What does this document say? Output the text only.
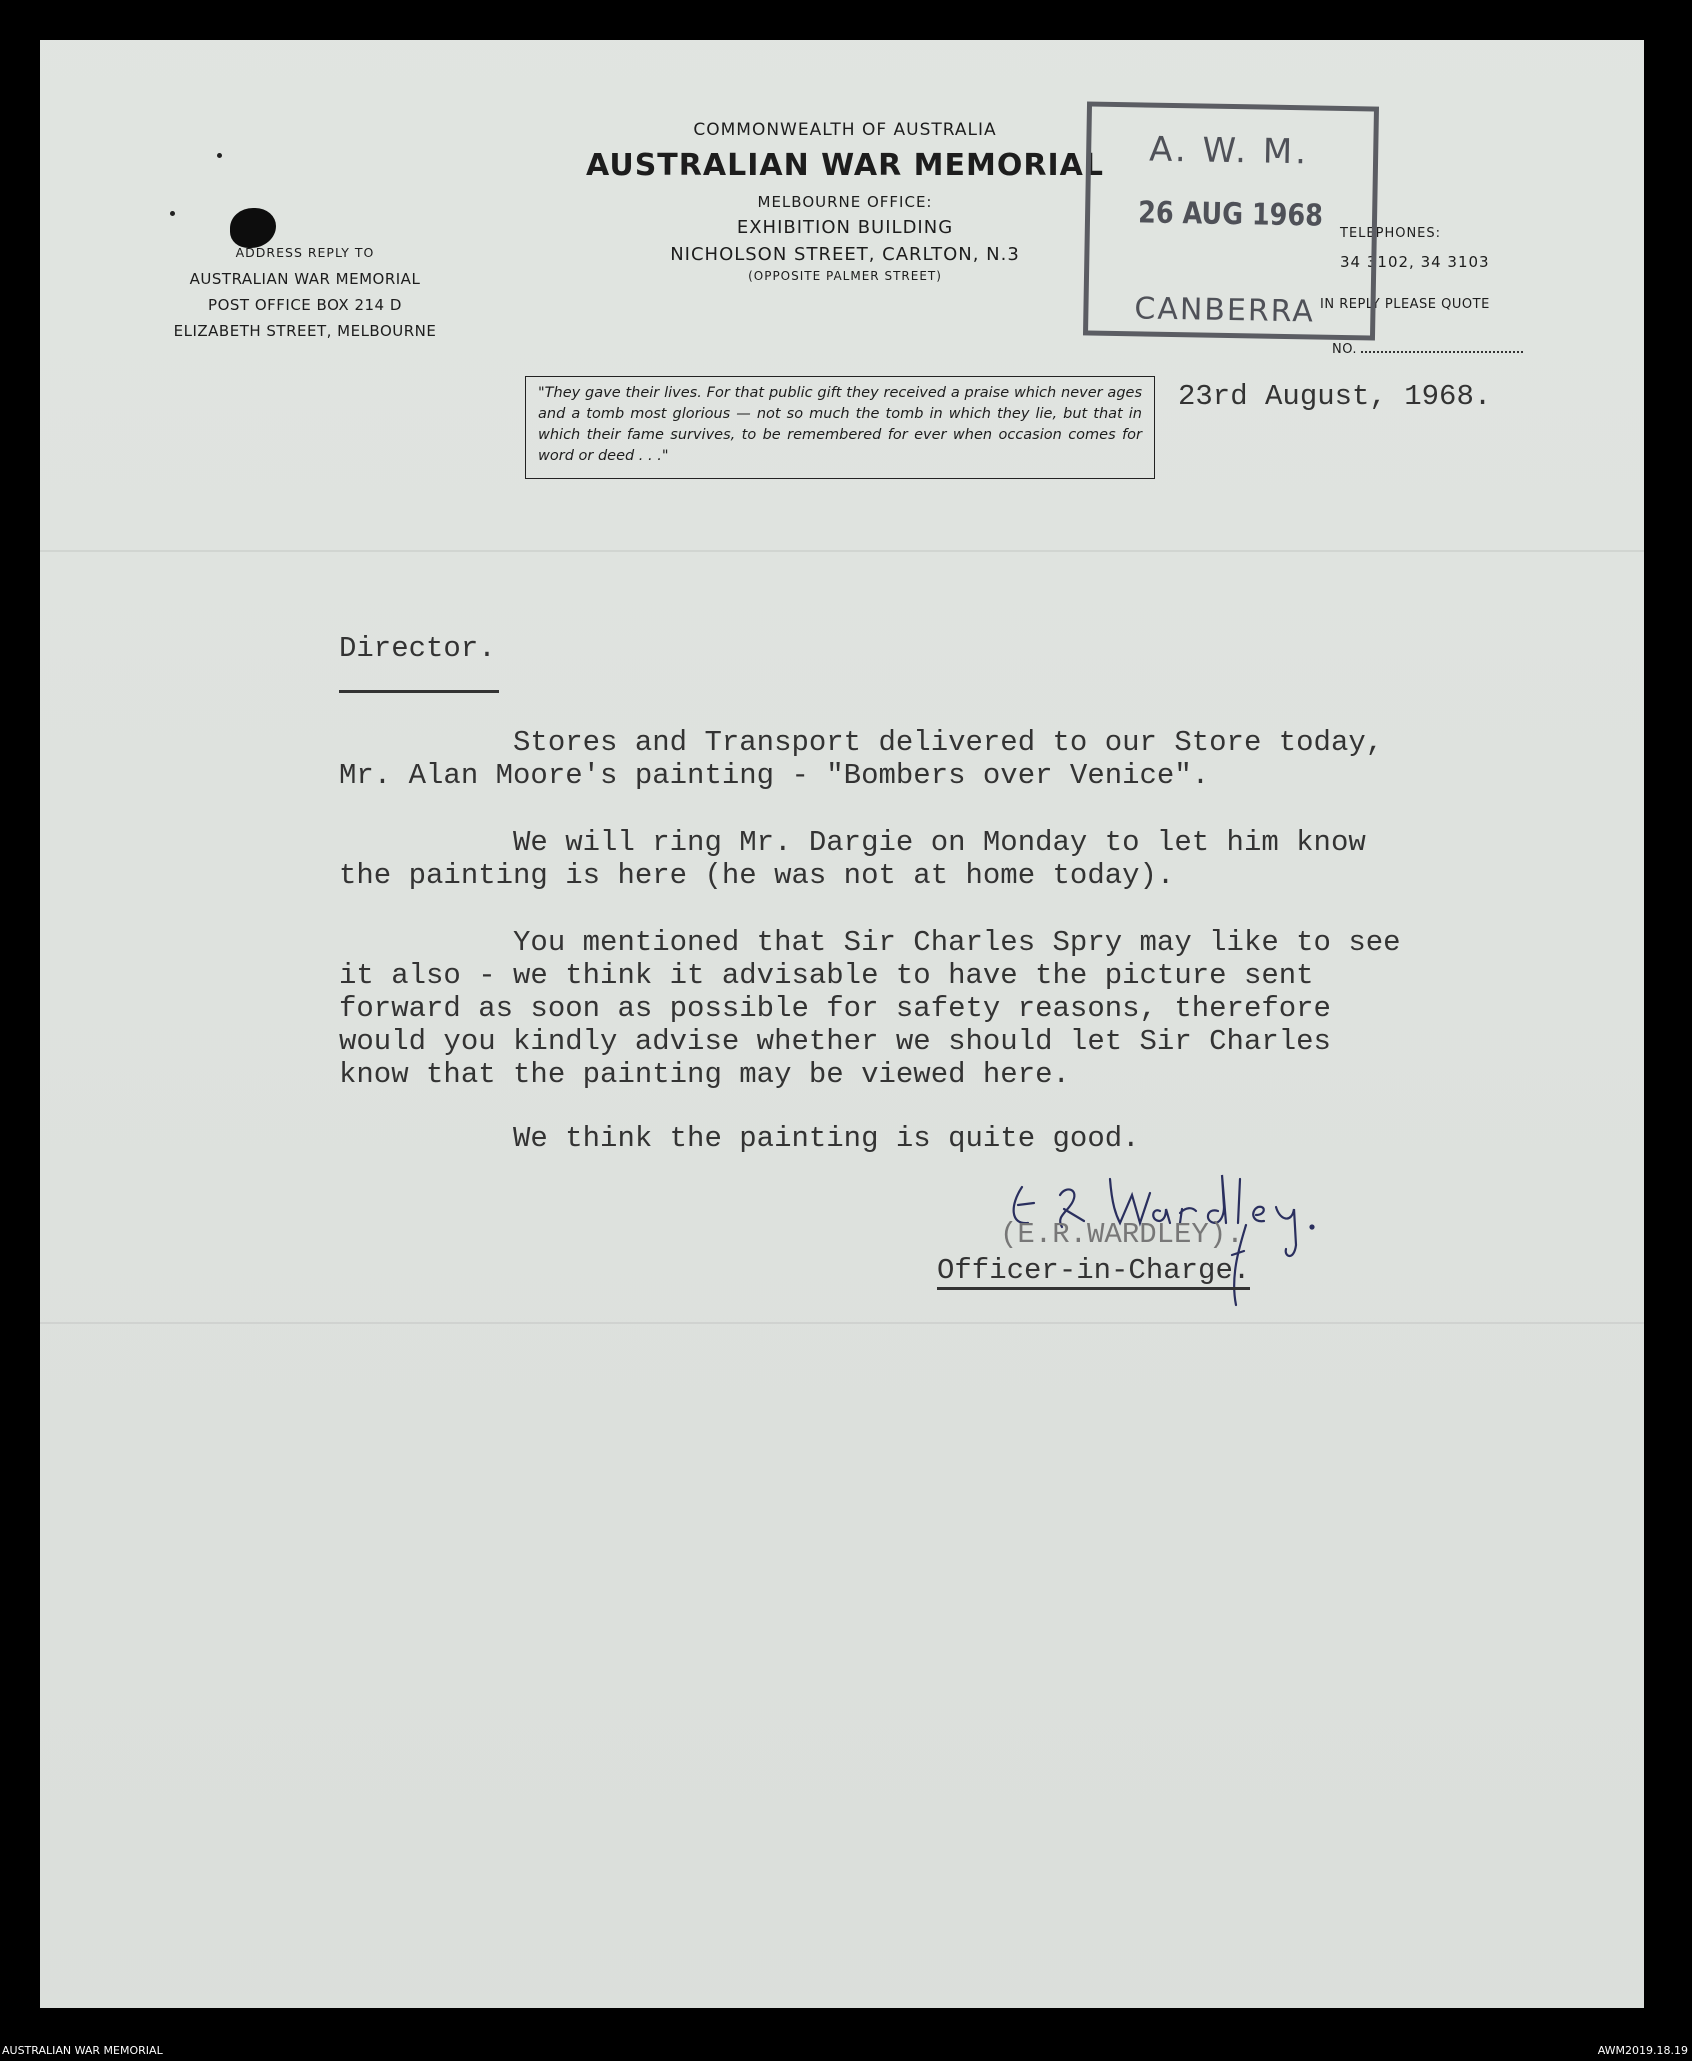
ADDRESS REPLY TO
AUSTRALIAN WAR MEMORIAL
POST OFFICE BOX 214 D
ELIZABETH STREET, MELBOURNE
COMMONWEALTH OF AUSTRALIA
AUSTRALIAN WAR MEMORIAL
MELBOURNE OFFICE:
EXHIBITION BUILDING
NICHOLSON STREET, CARLTON, N.3
(OPPOSITE PALMER STREET)
TELEPHONES:
34 3102, 34 3103
IN REPLY PLEASE QUOTE
NO.
"They gave their lives. For that public gift they received a praise which never ages and a tomb most glorious — not so much the tomb in which they lie, but that in which their fame survives, to be remembered for ever when occasion comes for word or deed . . ."
A. W. M.
26 AUG 1968
CANBERRA
23rd August, 1968.
Director.
Stores and Transport delivered to our Store today,
Mr. Alan Moore's painting - "Bombers over Venice".
We will ring Mr. Dargie on Monday to let him know
the painting is here (he was not at home today).
You mentioned that Sir Charles Spry may like to see
it also - we think it advisable to have the picture sent
forward as soon as possible for safety reasons, therefore
would you kindly advise whether we should let Sir Charles
know that the painting may be viewed here.
We think the painting is quite good.
(E.R.WARDLEY).
Officer-in-Charge.
AUSTRALIAN WAR MEMORIAL	AWM2019.18.19
